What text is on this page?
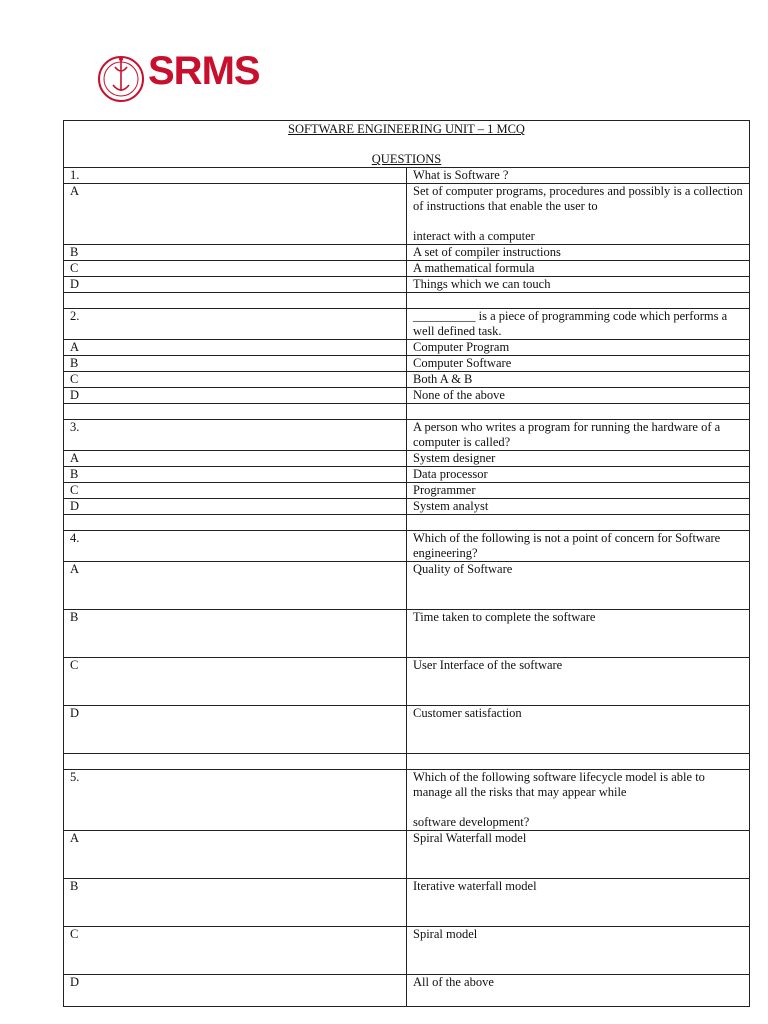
SRMS
SOFTWARE ENGINEERING UNIT – 1 MCQ
QUESTIONS	

1.	What is Software ?
A	Set of computer programs, procedures and possibly is a collection of instructions that enable the user to
interact with a computer

B	A set of compiler instructions
C	A mathematical formula
D	Things which we can touch

2.	__________ is a piece of programming code which performs a well defined task.
A	Computer Program
B	Computer Software
C	Both A & B
D	None of the above

3.	A person who writes a program for running the hardware of a computer is called?
A	System designer
B	Data processor
C	Programmer
D	System analyst

4.	Which of the following is not a point of concern for Software engineering?
A	Quality of Software
B	Time taken to complete the software
C	User Interface of the software
D	Customer satisfaction

5.	Which of the following software lifecycle model is able to manage all the risks that may appear while
software development?

A	Spiral Waterfall model
B	Iterative waterfall model
C	Spiral model
D	All of the above
